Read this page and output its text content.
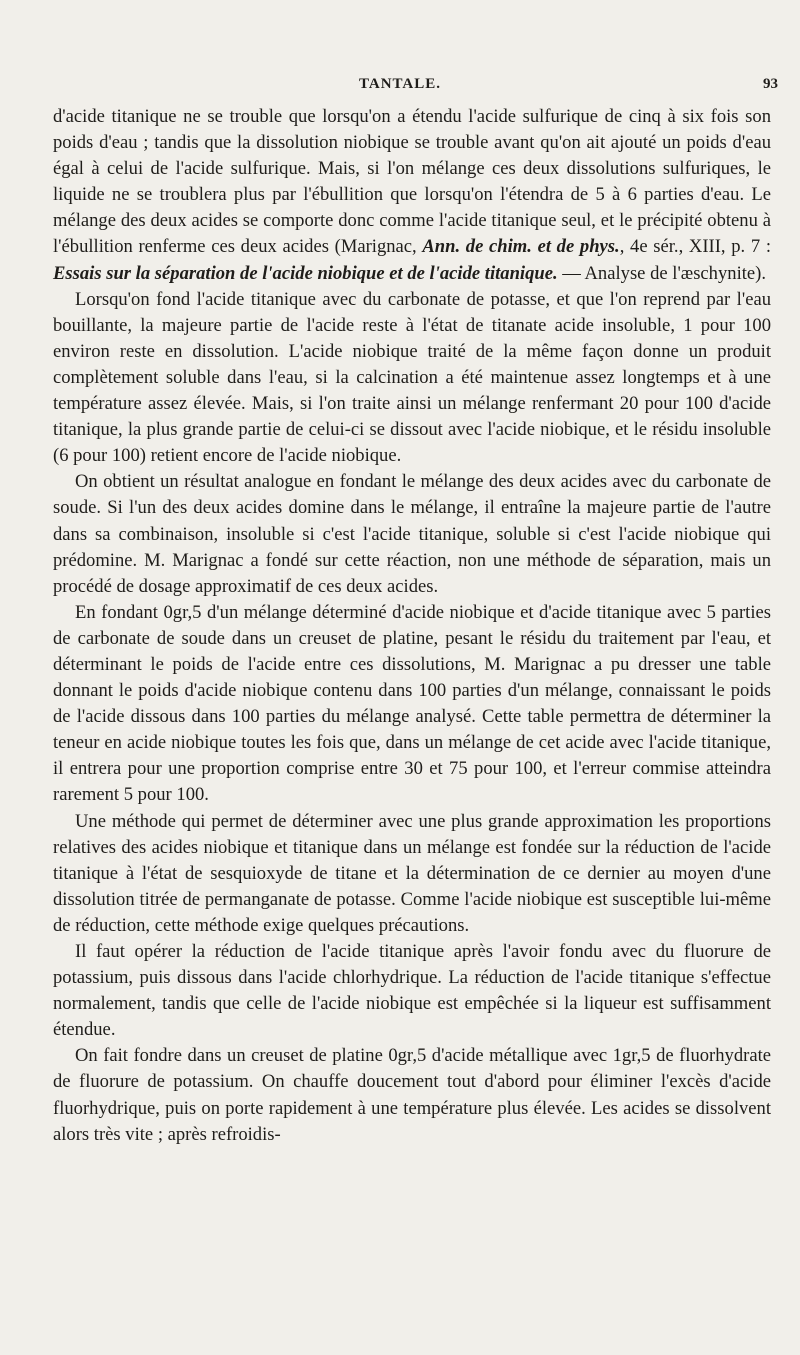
TANTALE.	93

d'acide titanique ne se trouble que lorsqu'on a étendu l'acide sulfurique de cinq à six fois son poids d'eau ; tandis que la dissolution niobique se trouble avant qu'on ait ajouté un poids d'eau égal à celui de l'acide sulfurique. Mais, si l'on mélange ces deux dissolutions sulfuriques, le liquide ne se troublera plus par l'ébullition que lorsqu'on l'étendra de 5 à 6 parties d'eau. Le mélange des deux acides se comporte donc comme l'acide titanique seul, et le précipité obtenu à l'ébullition renferme ces deux acides (Marignac, Ann. de chim. et de phys., 4e sér., XIII, p. 7 : Essais sur la séparation de l'acide niobique et de l'acide titanique. — Analyse de l'æschynite).

Lorsqu'on fond l'acide titanique avec du carbonate de potasse, et que l'on reprend par l'eau bouillante, la majeure partie de l'acide reste à l'état de titanate acide insoluble, 1 pour 100 environ reste en dissolution. L'acide niobique traité de la même façon donne un produit complètement soluble dans l'eau, si la calcination a été maintenue assez longtemps et à une température assez élevée. Mais, si l'on traite ainsi un mélange renfermant 20 pour 100 d'acide titanique, la plus grande partie de celui-ci se dissout avec l'acide niobique, et le résidu insoluble (6 pour 100) retient encore de l'acide niobique.

On obtient un résultat analogue en fondant le mélange des deux acides avec du carbonate de soude. Si l'un des deux acides domine dans le mélange, il entraîne la majeure partie de l'autre dans sa combinaison, insoluble si c'est l'acide titanique, soluble si c'est l'acide niobique qui prédomine. M. Marignac a fondé sur cette réaction, non une méthode de séparation, mais un procédé de dosage approximatif de ces deux acides.

En fondant 0gr,5 d'un mélange déterminé d'acide niobique et d'acide titanique avec 5 parties de carbonate de soude dans un creuset de platine, pesant le résidu du traitement par l'eau, et déterminant le poids de l'acide entre ces dissolutions, M. Marignac a pu dresser une table donnant le poids d'acide niobique contenu dans 100 parties d'un mélange, connaissant le poids de l'acide dissous dans 100 parties du mélange analysé. Cette table permettra de déterminer la teneur en acide niobique toutes les fois que, dans un mélange de cet acide avec l'acide titanique, il entrera pour une proportion comprise entre 30 et 75 pour 100, et l'erreur commise atteindra rarement 5 pour 100.

Une méthode qui permet de déterminer avec une plus grande approximation les proportions relatives des acides niobique et titanique dans un mélange est fondée sur la réduction de l'acide titanique à l'état de sesquioxyde de titane et la détermination de ce dernier au moyen d'une dissolution titrée de permanganate de potasse. Comme l'acide niobique est susceptible lui-même de réduction, cette méthode exige quelques précautions.

Il faut opérer la réduction de l'acide titanique après l'avoir fondu avec du fluorure de potassium, puis dissous dans l'acide chlorhydrique. La réduction de l'acide titanique s'effectue normalement, tandis que celle de l'acide niobique est empêchée si la liqueur est suffisamment étendue.

On fait fondre dans un creuset de platine 0gr,5 d'acide métallique avec 1gr,5 de fluorhydrate de fluorure de potassium. On chauffe doucement tout d'abord pour éliminer l'excès d'acide fluorhydrique, puis on porte rapidement à une température plus élevée. Les acides se dissolvent alors très vite ; après refroidis-
